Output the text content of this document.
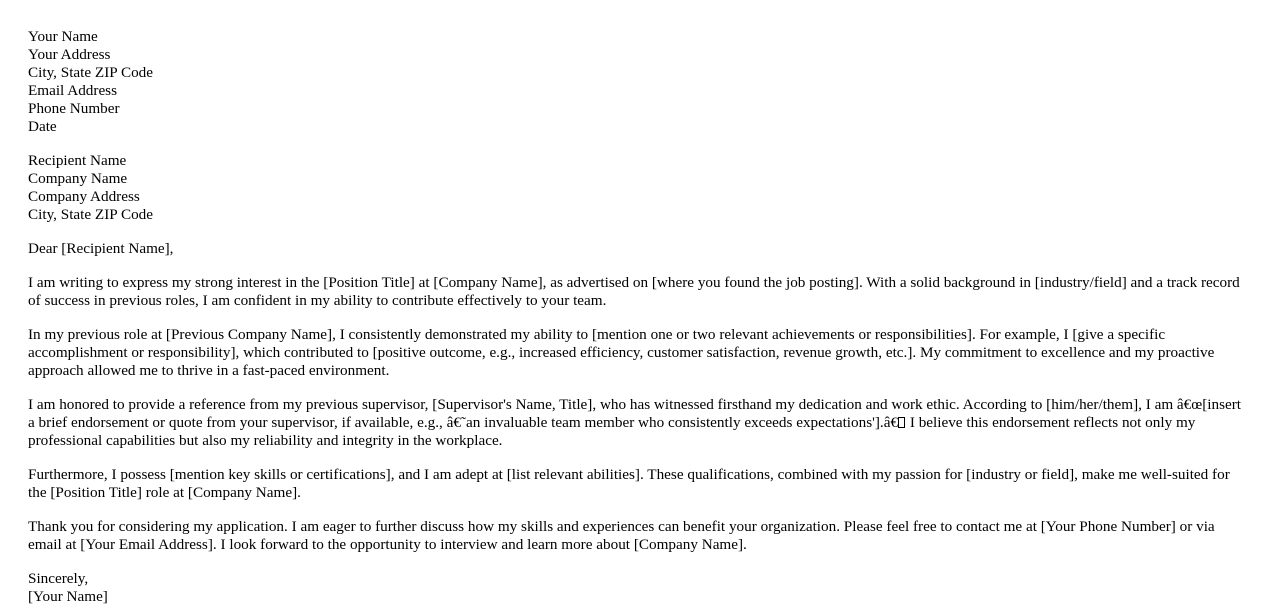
Your Name
Your Address
City, State ZIP Code
Email Address
Phone Number
Date
Recipient Name
Company Name
Company Address
City, State ZIP Code

Dear [Recipient Name],

I am writing to express my strong interest in the [Position Title] at [Company Name], as advertised on [where you found the job posting]. With a solid background in [industry/field] and a track record of success in previous roles, I am confident in my ability to contribute effectively to your team.

In my previous role at [Previous Company Name], I consistently demonstrated my ability to [mention one or two relevant achievements or responsibilities]. For example, I [give a specific accomplishment or responsibility], which contributed to [positive outcome, e.g., increased efficiency, customer satisfaction, revenue growth, etc.]. My commitment to excellence and my proactive approach allowed me to thrive in a fast-paced environment.

I am honored to provide a reference from my previous supervisor, [Supervisor's Name, Title], who has witnessed firsthand my dedication and work ethic. According to [him/her/them], I am â€œ[insert a brief endorsement or quote from your supervisor, if available, e.g., â€˜an invaluable team member who consistently exceeds expectations'].â€ I believe this endorsement reflects not only my professional capabilities but also my reliability and integrity in the workplace.

Furthermore, I possess [mention key skills or certifications], and I am adept at [list relevant abilities]. These qualifications, combined with my passion for [industry or field], make me well-suited for the [Position Title] role at [Company Name].

Thank you for considering my application. I am eager to further discuss how my skills and experiences can benefit your organization. Please feel free to contact me at [Your Phone Number] or via email at [Your Email Address]. I look forward to the opportunity to interview and learn more about [Company Name].

Sincerely,
[Your Name]
